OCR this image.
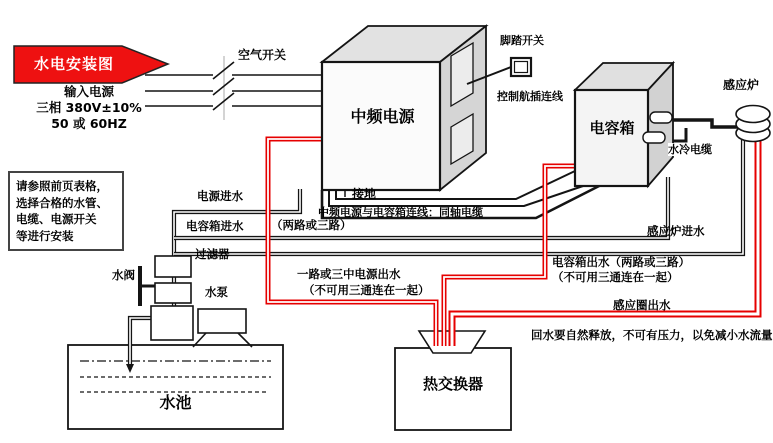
水电安装图
输入电源
三相 380V±10%
50 或 60HZ
空气开关
请参照前页表格，
选择合格的水管、
电缆、电源开关
等进行安装
中频电源
脚踏开关
控制航插连线
电容箱
感应炉
水冷电缆
接地
中频电源与电容箱连线：同轴电缆
（两路或三路）
电源进水
电容箱进水
过滤器
水阀
水泵
一路或三中电源出水
（不可用三通连在一起）
电容箱出水（两路或三路）
（不可用三通连在一起）
感应炉进水
感应圈出水
回水要自然释放，不可有压力，以免减小水流量
水池
热交换器
